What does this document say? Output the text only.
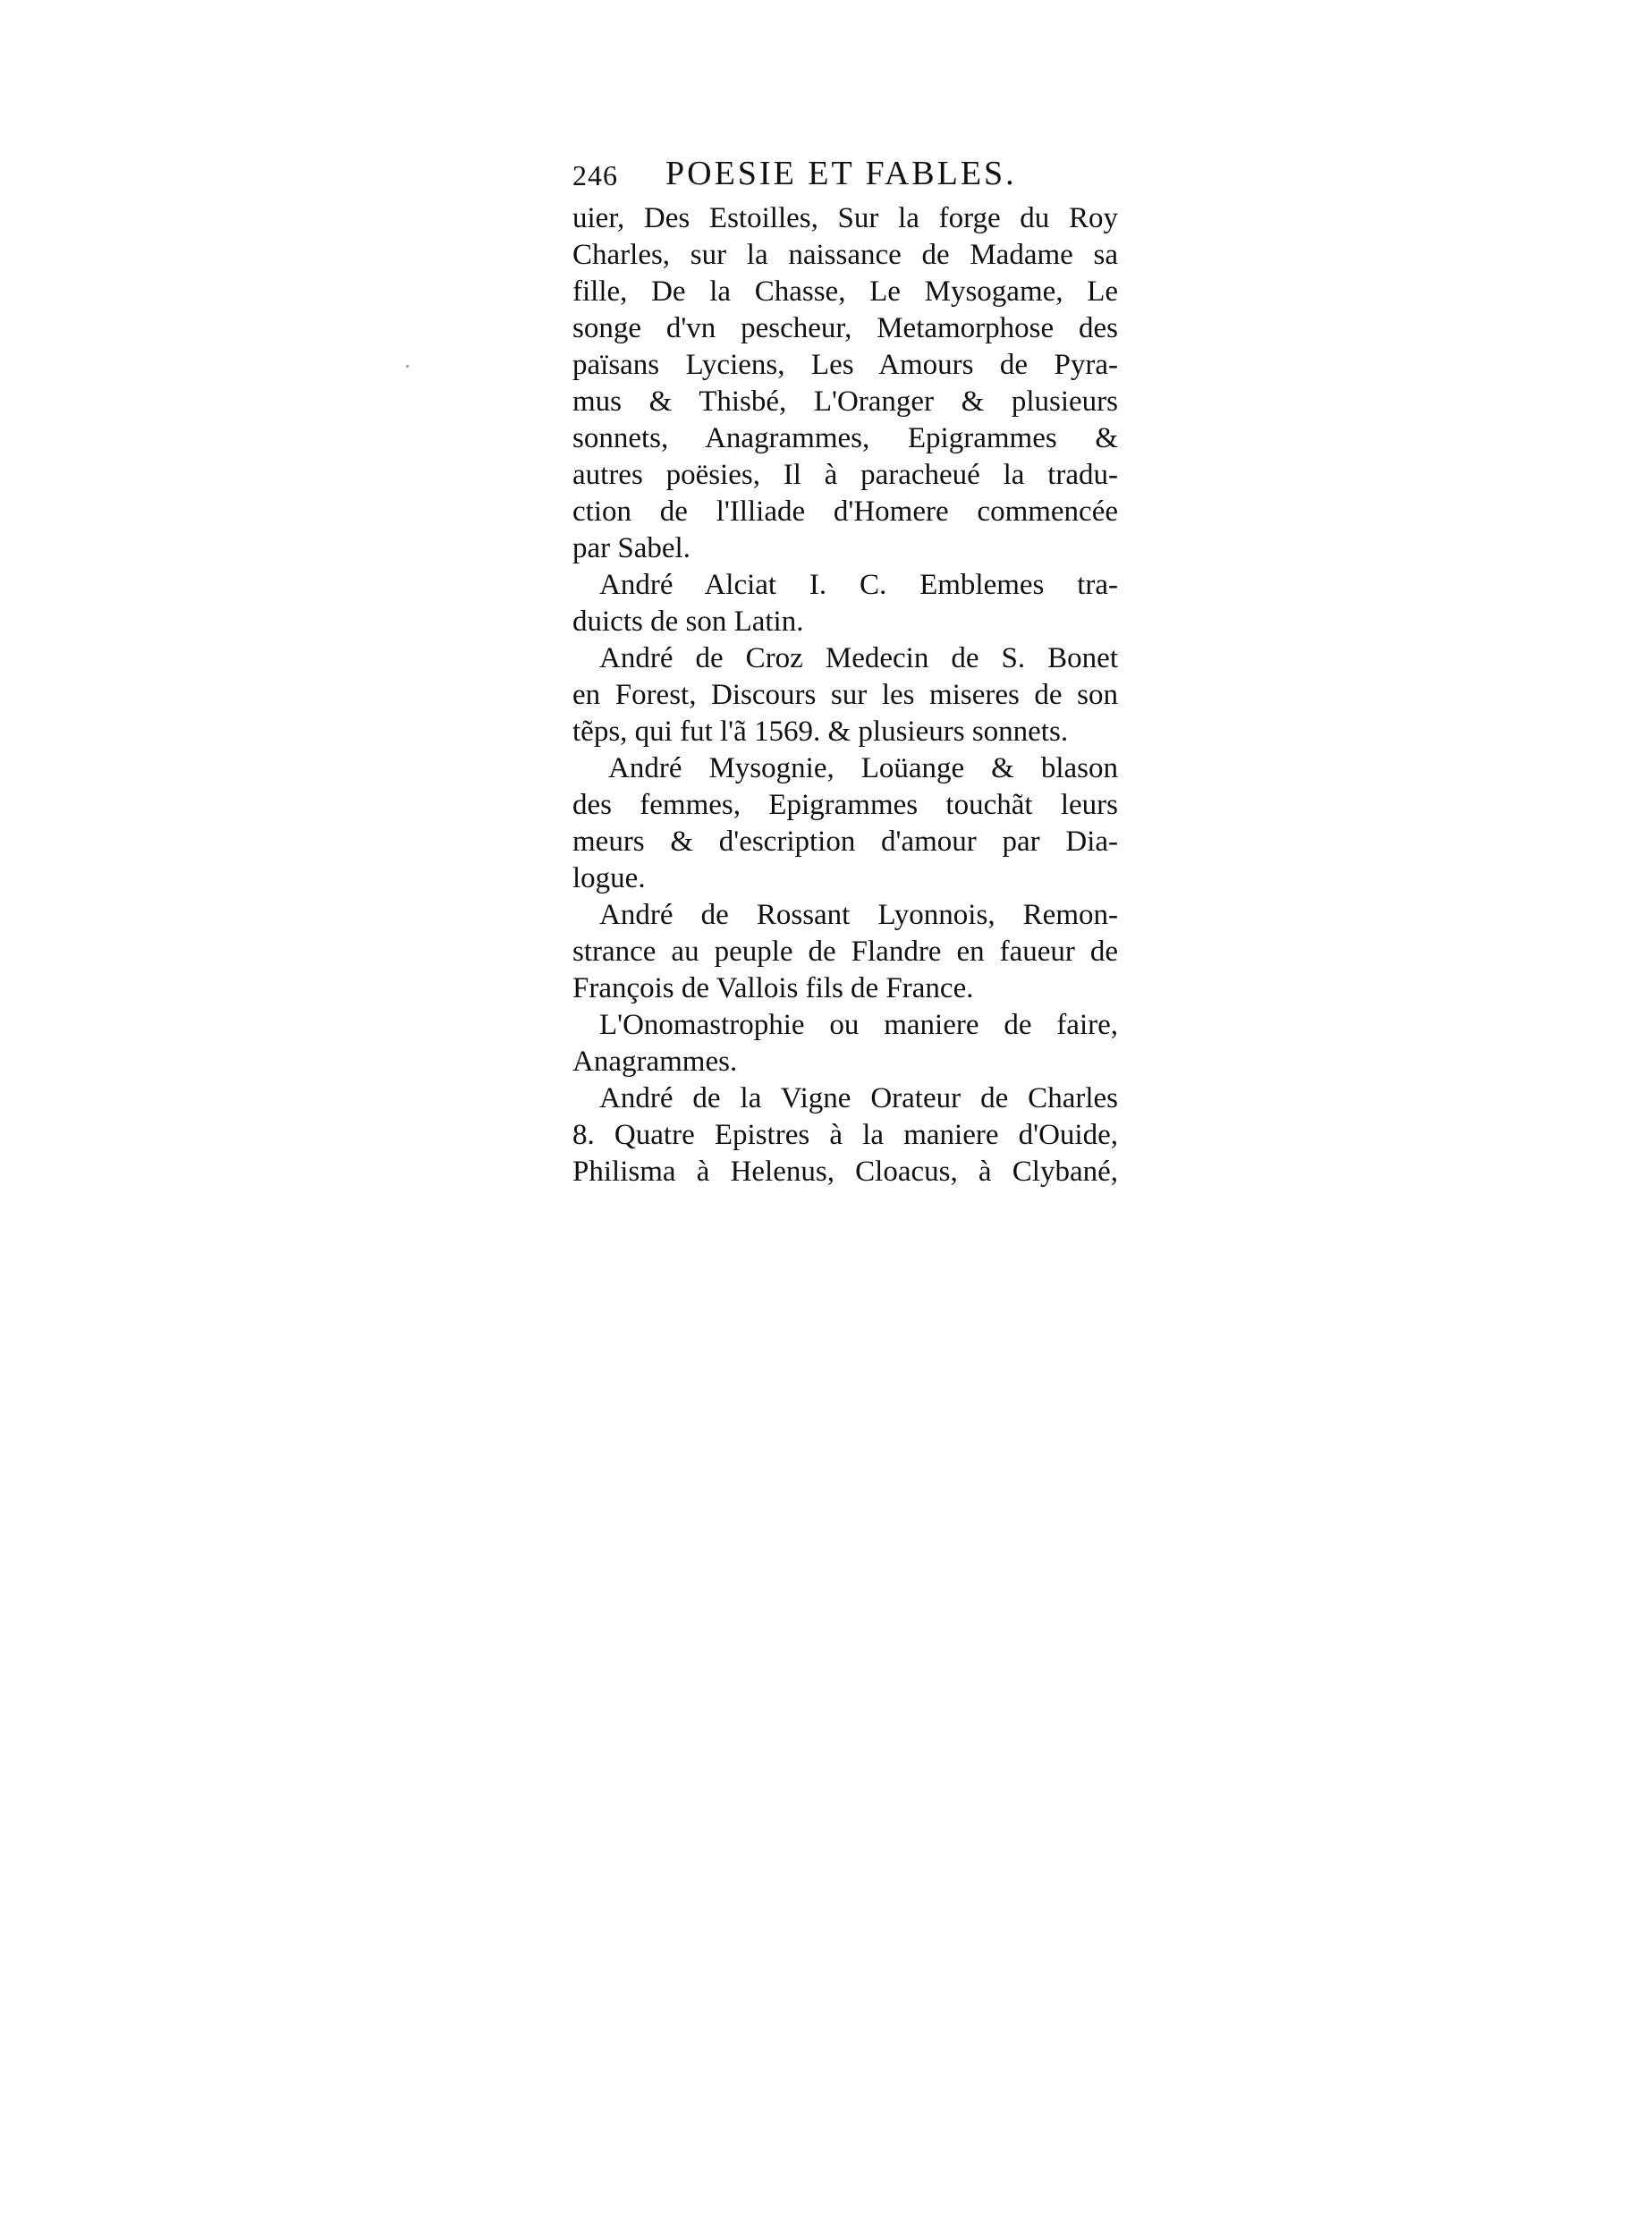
246 POESIE ET FABLES.
uier, Des Estoilles, Sur la forge du Roy
Charles, sur la naissance de Madame sa
fille, De la Chasse, Le Mysogame, Le
songe d'vn pescheur, Metamorphose des
païsans Lyciens, Les Amours de Pyra-
mus & Thisbé, L'Oranger & plusieurs
sonnets, Anagrammes, Epigrammes &
autres poësies, Il à paracheué la tradu-
ction de l'Illiade d'Homere commencée
par Sabel.
André Alciat I. C. Emblemes tra-
duicts de son Latin.
André de Croz Medecin de S. Bonet
en Forest, Discours sur les miseres de son
tẽps, qui fut l'ã 1569. & plusieurs sonnets.
André Mysognie, Loüange & blason
des femmes, Epigrammes touchãt leurs
meurs & d'escription d'amour par Dia-
logue.
André de Rossant Lyonnois, Remon-
strance au peuple de Flandre en faueur de
François de Vallois fils de France.
L'Onomastrophie ou maniere de faire,
Anagrammes.
André de la Vigne Orateur de Charles
8. Quatre Epistres à la maniere d'Ouide,
Philisma à Helenus, Cloacus, à Clybané,
